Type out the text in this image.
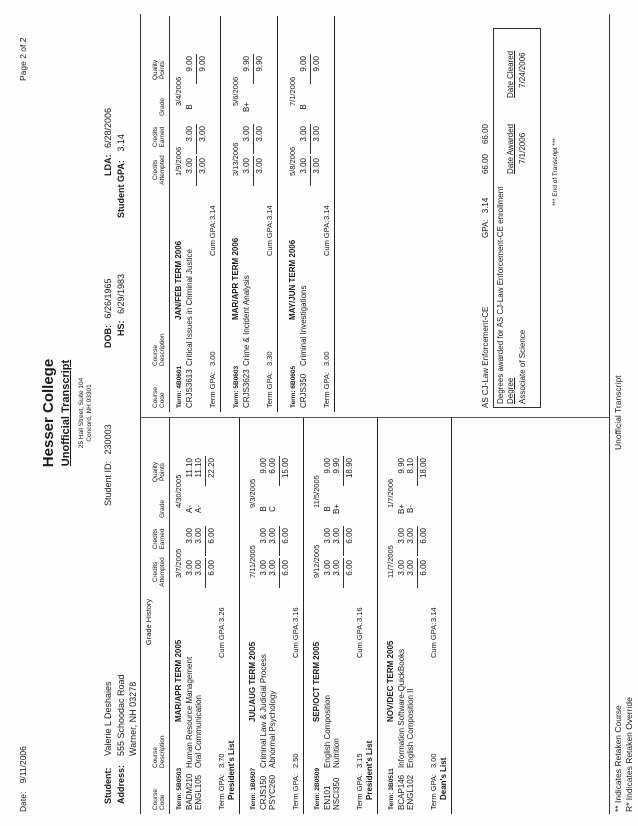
Date: 9/11/2006
Page 2 of 2
Hesser College Unofficial Transcript 25 Hall Street, Suite 104 Concord, NH 03301
Student:
Valerie L Deshaies
Address:
555 Schoodac Road Warner, NH 03278
Student ID: 230003
DOB: 6/26/1965
HS: 6/29/1983
LDA: 6/28/2006
Student GPA: 3.14
Grade History
Course
Code
Course
Description
Credits
Attempted
Credits
Earned
Grade
Quality
Points
Course
Code
Course
Description
Credits
Attempted
Credits
Earned
Grade
Quality
Points
Term: 5B0503
MAR/APR TERM 2005
3/7/2005
4/30/2005
BADM210
Human Resource Management
3.00
3.00
A-
11.10
ENGL105
Oral Communication
3.00
3.00
A-
11.10
6.00
6.00
22.20
Term GPA:
3.70
Cum GPA:
3.26
President's List Term: 1B0507
JUL/AUG TERM 2005
7/11/2005
9/3/2005
CRJS150
Criminal Law & Judicial Process
3.00
3.00
B
9.00
PSYC260
Abnormal Psychology
3.00
3.00
C
6.00
6.00
6.00
15.00
Term GPA:
2.50
Cum GPA:
3.16
Term: 2B0509
SEP/OCT TERM 2005
9/12/2005
11/5/2005
EN101
English Composition
3.00
3.00
B
9.00
NSCI350
Nutrition
3.00
3.00
B+
9.90
6.00
6.00
18.90
Term GPA:
3.15
Cum GPA:
3.16
President's List Term: 3B0511
NOV/DEC TERM 2005
11/7/2005
1/7/2006
BCAP146
Information Software-QuickBooks
3.00
3.00
B+
9.90
ENGL102
English Composition II
3.00
3.00
B-
8.10
6.00
6.00
18.00
Term GPA:
3.00
Cum GPA:
3.14
Dean's List
Term: 4B0601
JAN/FEB TERM 2006
1/9/2006
3/4/2006
CRJS3613
Critical Issues in Criminal Justice
3.00
3.00
B
9.00
3.00
3.00
9.00
Term GPA:
3.00
Cum GPA:
3.14
Term: 5B0603
MAR/APR TERM 2006
3/13/2006
5/6/2006
CRJS3623
Crime & Incident Analysis
3.00
3.00
B+
9.90
3.00
3.00
9.90
Term GPA:
3.30
Cum GPA:
3.14
Term: 6B0605
MAY/JUN TERM 2006
5/8/2006
7/1/2006
CRJS350
Criminal Investigations
3.00
3.00
B
9.00
3.00
3.00
9.00
Term GPA:
3.00
Cum GPA:
3.14
AS CJ-Law Enforcement-CE
GPA: 3.14
66.00
66.00
Degrees awarded for AS CJ-Law Enforcement-CE enrollment Degree
Date Awarded
Date Cleared
Associate of Science
7/1/2006
7/24/2006
*** End of Transcript ***
** Indicates Retaken Course R* Indicates Retaken Override
Unofficial Transcript
